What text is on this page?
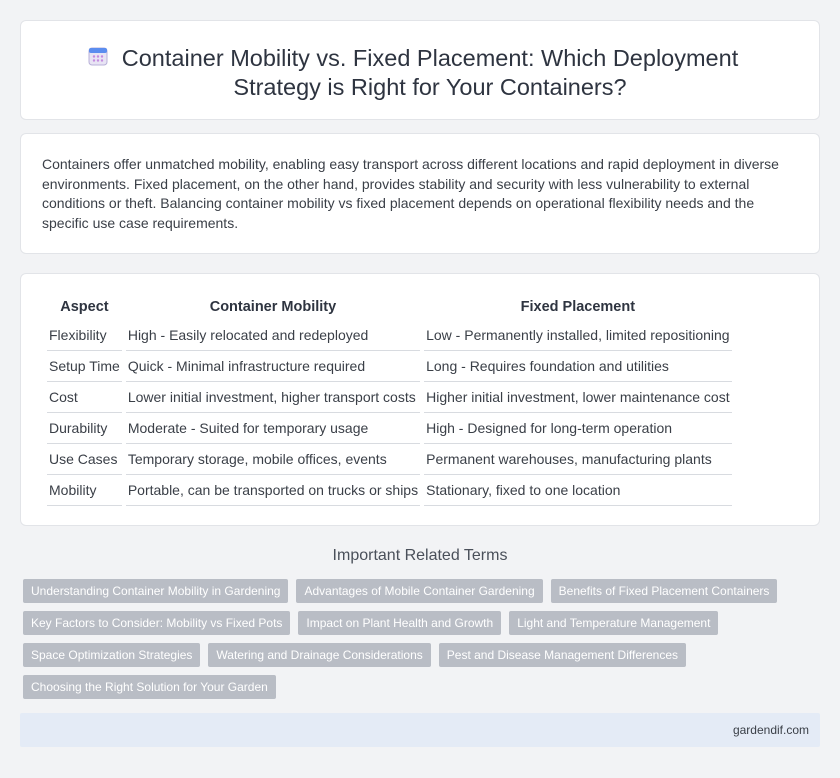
Container Mobility vs. Fixed Placement: Which Deployment Strategy is Right for Your Containers?

Containers offer unmatched mobility, enabling easy transport across different locations and rapid deployment in diverse environments. Fixed placement, on the other hand, provides stability and security with less vulnerability to external conditions or theft. Balancing container mobility vs fixed placement depends on operational flexibility needs and the specific use case requirements.

Aspect	Container Mobility	Fixed Placement
Flexibility	High - Easily relocated and redeployed	Low - Permanently installed, limited repositioning
Setup Time	Quick - Minimal infrastructure required	Long - Requires foundation and utilities
Cost	Lower initial investment, higher transport costs	Higher initial investment, lower maintenance cost
Durability	Moderate - Suited for temporary usage	High - Designed for long-term operation
Use Cases	Temporary storage, mobile offices, events	Permanent warehouses, manufacturing plants
Mobility	Portable, can be transported on trucks or ships	Stationary, fixed to one location
Important Related Terms
Understanding Container Mobility in Gardening	Advantages of Mobile Container Gardening	Benefits of Fixed Placement Containers
Key Factors to Consider: Mobility vs Fixed Pots	Impact on Plant Health and Growth	Light and Temperature Management
Space Optimization Strategies	Watering and Drainage Considerations	Pest and Disease Management Differences
Choosing the Right Solution for Your Garden
gardendif.com
